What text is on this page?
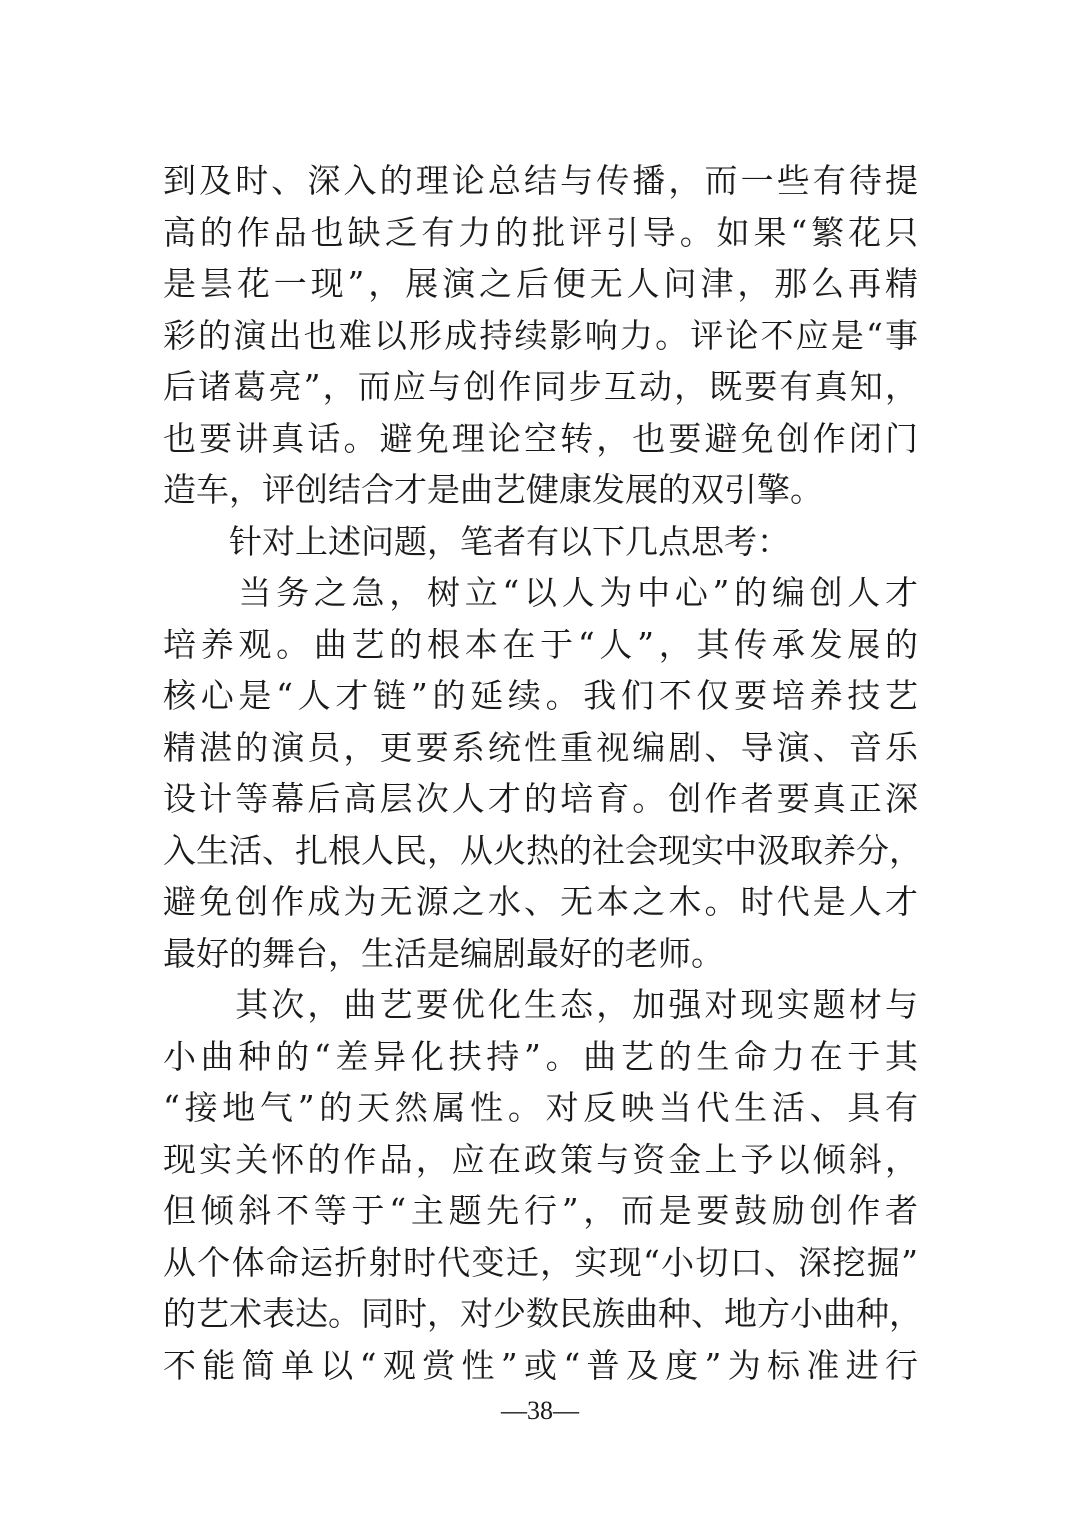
到及时、深入的理论总结与传播，而一些有待提
高的作品也缺乏有力的批评引导。如果“繁花只
是昙花一现”，展演之后便无人问津，那么再精
彩的演出也难以形成持续影响力。评论不应是“事
后诸葛亮”，而应与创作同步互动，既要有真知，
也要讲真话。避免理论空转，也要避免创作闭门
造车，评创结合才是曲艺健康发展的双引擎。
　　针对上述问题，笔者有以下几点思考：
　　当务之急，树立“以人为中心”的编创人才
培养观。曲艺的根本在于“人”，其传承发展的
核心是“人才链”的延续。我们不仅要培养技艺
精湛的演员，更要系统性重视编剧、导演、音乐
设计等幕后高层次人才的培育。创作者要真正深
入生活、扎根人民，从火热的社会现实中汲取养分，
避免创作成为无源之水、无本之木。时代是人才
最好的舞台，生活是编剧最好的老师。
　　其次，曲艺要优化生态，加强对现实题材与
小曲种的“差异化扶持”。曲艺的生命力在于其
“接地气”的天然属性。对反映当代生活、具有
现实关怀的作品，应在政策与资金上予以倾斜，
但倾斜不等于“主题先行”，而是要鼓励创作者
从个体命运折射时代变迁，实现“小切口、深挖掘”
的艺术表达。同时，对少数民族曲种、地方小曲种，
不能简单以“观赏性”或“普及度”为标准进行
—38—
